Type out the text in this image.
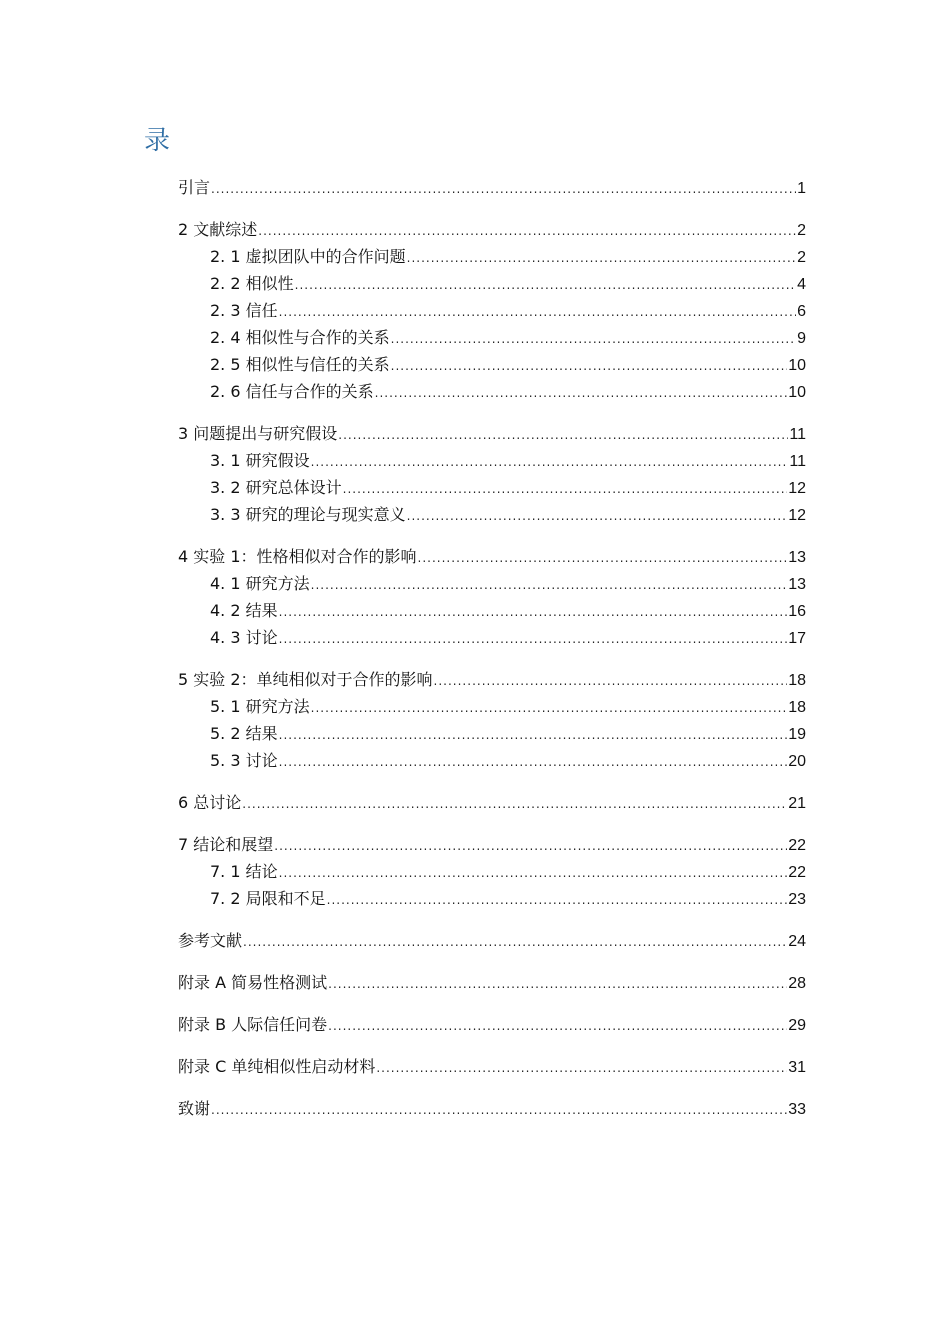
录
引言 .....	1
2 文献综述 .....	2
2. 1 虚拟团队中的合作问题 .....	2
2. 2 相似性 .....	4
2. 3 信任 .....	6
2. 4 相似性与合作的关系 .....	9
2. 5 相似性与信任的关系 .....	10
2. 6 信任与合作的关系 .....	10
3 问题提出与研究假设 .....	11
3. 1 研究假设 .....	11
3. 2 研究总体设计 .....	12
3. 3 研究的理论与现实意义 .....	12
4 实验 1：性格相似对合作的影响 .....	13
4. 1 研究方法 .....	13
4. 2 结果 .....	16
4. 3 讨论 .....	17
5 实验 2：单纯相似对于合作的影响 .....	18
5. 1 研究方法 .....	18
5. 2 结果 .....	19
5. 3 讨论 .....	20
6 总讨论 .....	21
7 结论和展望 .....	22
7. 1 结论 .....	22
7. 2 局限和不足 .....	23
参考文献 .....	24
附录 A 简易性格测试 .....	28
附录 B 人际信任问卷 .....	29
附录 C 单纯相似性启动材料 .....	31
致谢 .....	33
